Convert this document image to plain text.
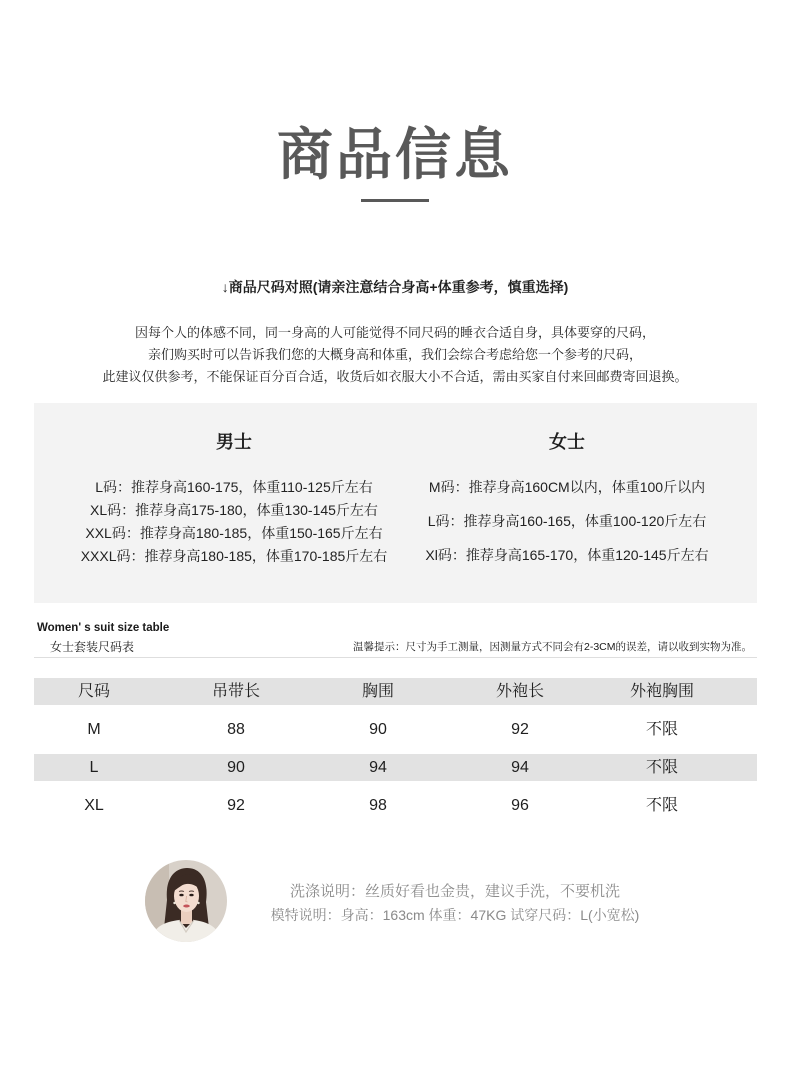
商品信息
↓商品尺码对照(请亲注意结合身高+体重参考，慎重选择)
因每个人的体感不同，同一身高的人可能觉得不同尺码的睡衣合适自身，具体要穿的尺码，
亲们购买时可以告诉我们您的大概身高和体重，我们会综合考虑给您一个参考的尺码，
此建议仅供参考，不能保证百分百合适，收货后如衣服大小不合适，需由买家自付来回邮费寄回退换。
男士
L码：推荐身高160-175，体重110-125斤左右
XL码：推荐身高175-180，体重130-145斤左右
XXL码：推荐身高180-185，体重150-165斤左右
XXXL码：推荐身高180-185，体重170-185斤左右
女士
M码：推荐身高160CM以内，体重100斤以内
L码：推荐身高160-165，体重100-120斤左右
Xl码：推荐身高165-170，体重120-145斤左右
Women' s suit size table
女士套装尺码表	温馨提示：尺寸为手工测量，因测量方式不同会有2-3CM的误差，请以收到实物为准。
尺码	吊带长	胸围	外袍长	外袍胸围
M	88	90	92	不限
L	90	94	94	不限
XL	92	98	96	不限
洗涤说明：丝质好看也金贵，建议手洗，不要机洗
模特说明：身高：163cm 体重：47KG 试穿尺码：L(小宽松)
